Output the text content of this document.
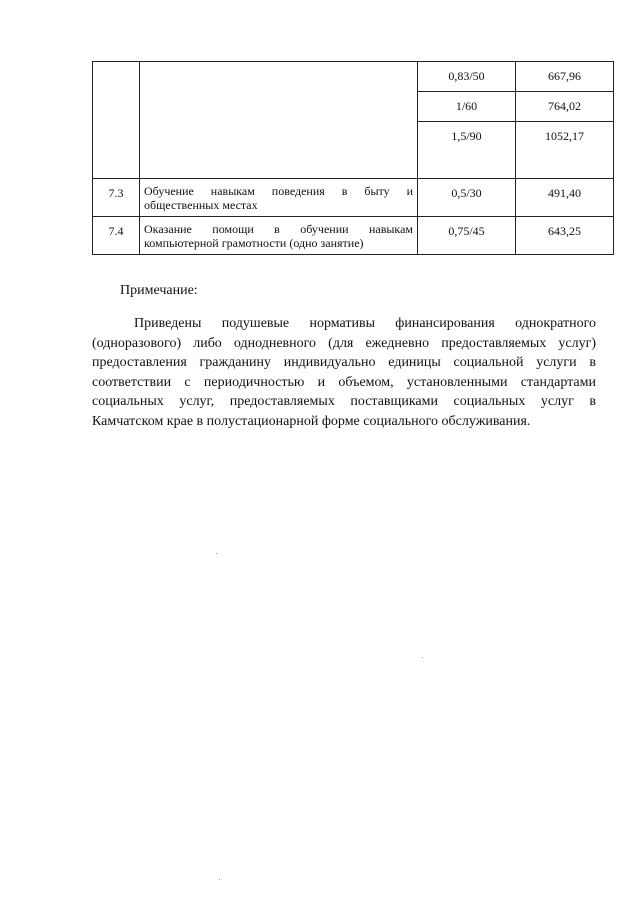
		0,83/50	667,96

		1/60	764,02

		1,5/90	1052,17

7.3	Обучение навыкам поведения в быту и общественных местах	0,5/30	491,40

7.4	Оказание помощи в обучении навыкам компьютерной грамотности (одно занятие)	0,75/45	643,25
Примечание:
Приведены подушевые нормативы финансирования однократного (одноразового) либо однодневного (для ежедневно предоставляемых услуг) предоставления гражданину индивидуально единицы социальной услуги в соответствии с периодичностью и объемом, установленными стандартами социальных услуг, предоставляемых поставщиками социальных услуг в Камчатском крае в полустационарной форме социального обслуживания.
